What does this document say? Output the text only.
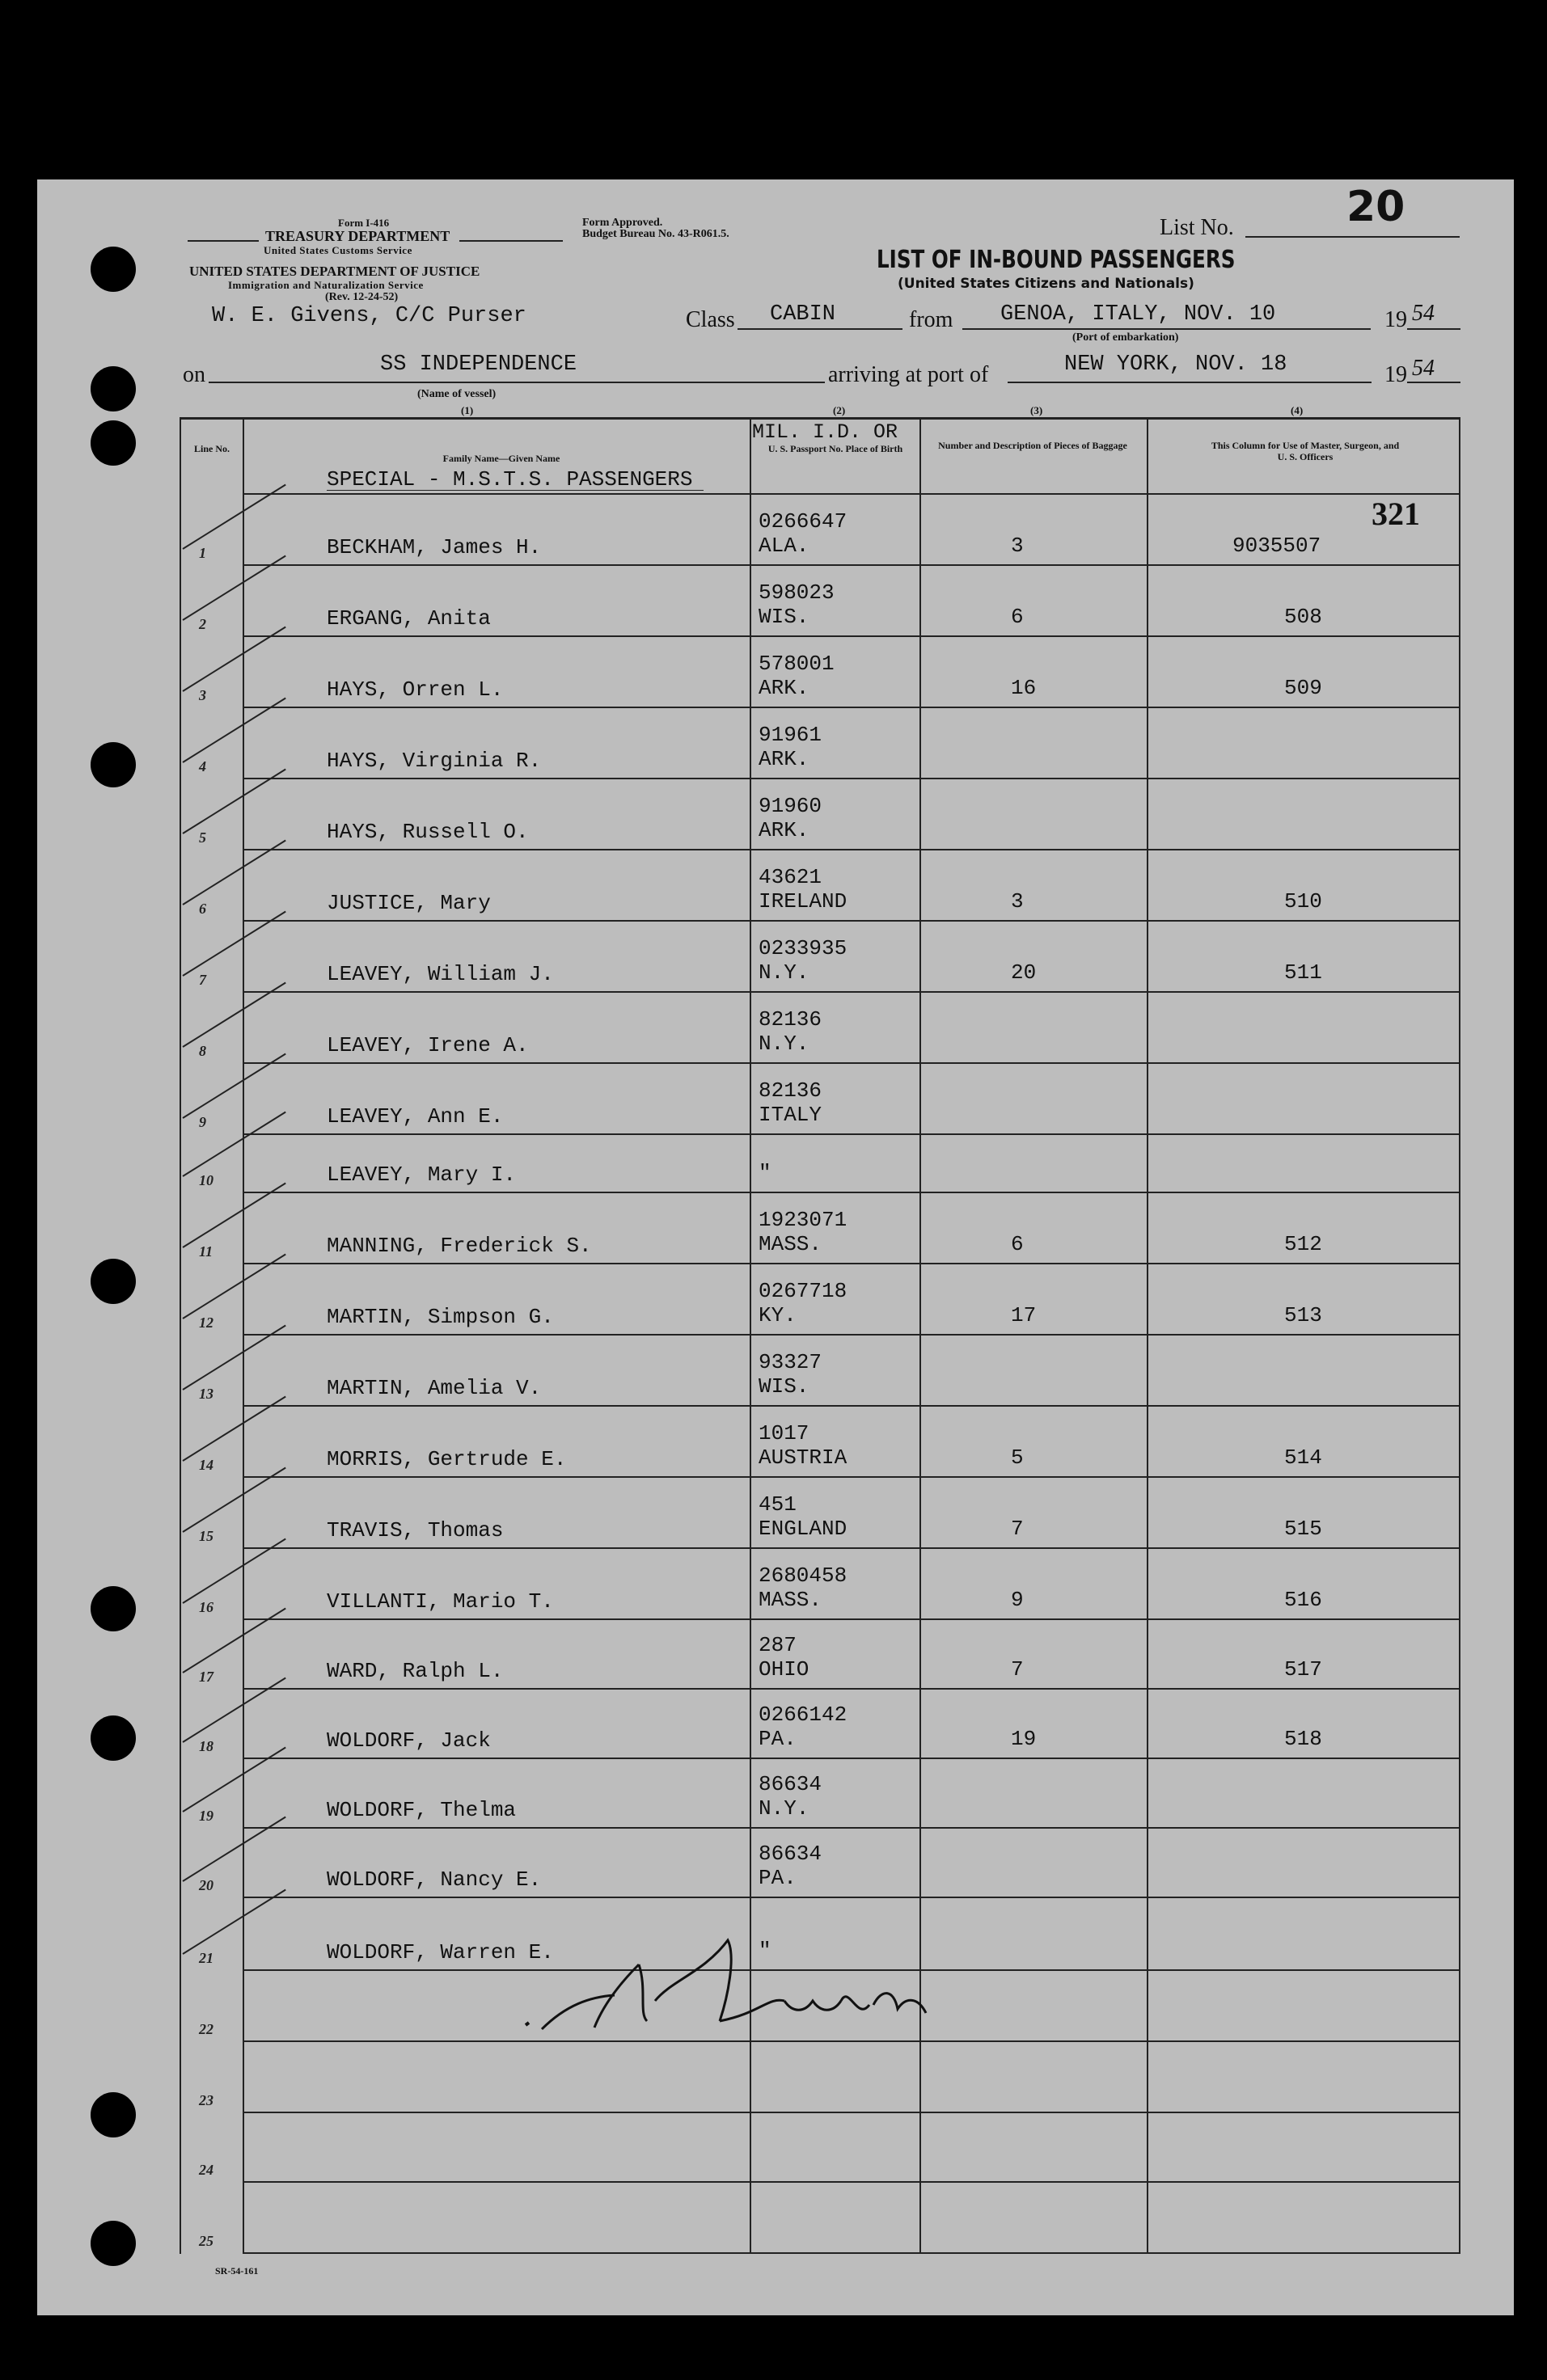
Form I-416
TREASURY DEPARTMENT
United States Customs Service
UNITED STATES DEPARTMENT OF JUSTICE
Immigration and Naturalization Service
(Rev. 12-24-52)
W. E. Givens, C/C Purser
Form Approved.
Budget Bureau No. 43-R061.5.	List No.	20
LIST OF IN-BOUND PASSENGERS
(United States Citizens and Nationals)
Class CABIN	from GENOA, ITALY, NOV. 10	19 54
(Port of embarkation)
on	SS INDEPENDENCE	arriving at port of	NEW YORK, NOV. 18	19 54
(Name of vessel)
(1)	(2)	(3)	(4)
Line No.
Family Name—Given Name
SPECIAL - M.S.T.S. PASSENGERS
MIL. I.D. OR
U. S. Passport No. Place of Birth	Number and Description of Pieces of Baggage	This Column for Use of Master, Surgeon, and U. S. Officers
321
1	BECKHAM, James H.
0266647
ALA.	3	9035507
2	ERGANG, Anita
598023
WIS.	6	508
3	HAYS, Orren L.
578001
ARK.	16	509
4	HAYS, Virginia R.
91961
ARK.
5	HAYS, Russell O.
91960
ARK.
6	JUSTICE, Mary
43621
IRELAND	3	510
7	LEAVEY, William J.
0233935
N.Y.	20	511
8	LEAVEY, Irene A.
82136
N.Y.
9	LEAVEY, Ann E.
82136
ITALY
10	LEAVEY, Mary I.	"
11	MANNING, Frederick S.
1923071
MASS.	6	512
12	MARTIN, Simpson G.
0267718
KY.	17	513
13	MARTIN, Amelia V.
93327
WIS.
14	MORRIS, Gertrude E.
1017
AUSTRIA	5	514
15	TRAVIS, Thomas
451
ENGLAND	7	515
16	VILLANTI, Mario T.
2680458
MASS.	9	516
17	WARD, Ralph L.
287
OHIO	7	517
18	WOLDORF, Jack
0266142
PA.	19	518
19	WOLDORF, Thelma
86634
N.Y.
20	WOLDORF, Nancy E.
86634
PA.
21	WOLDORF, Warren E.	"
22
23
24
25
SR-54-161
